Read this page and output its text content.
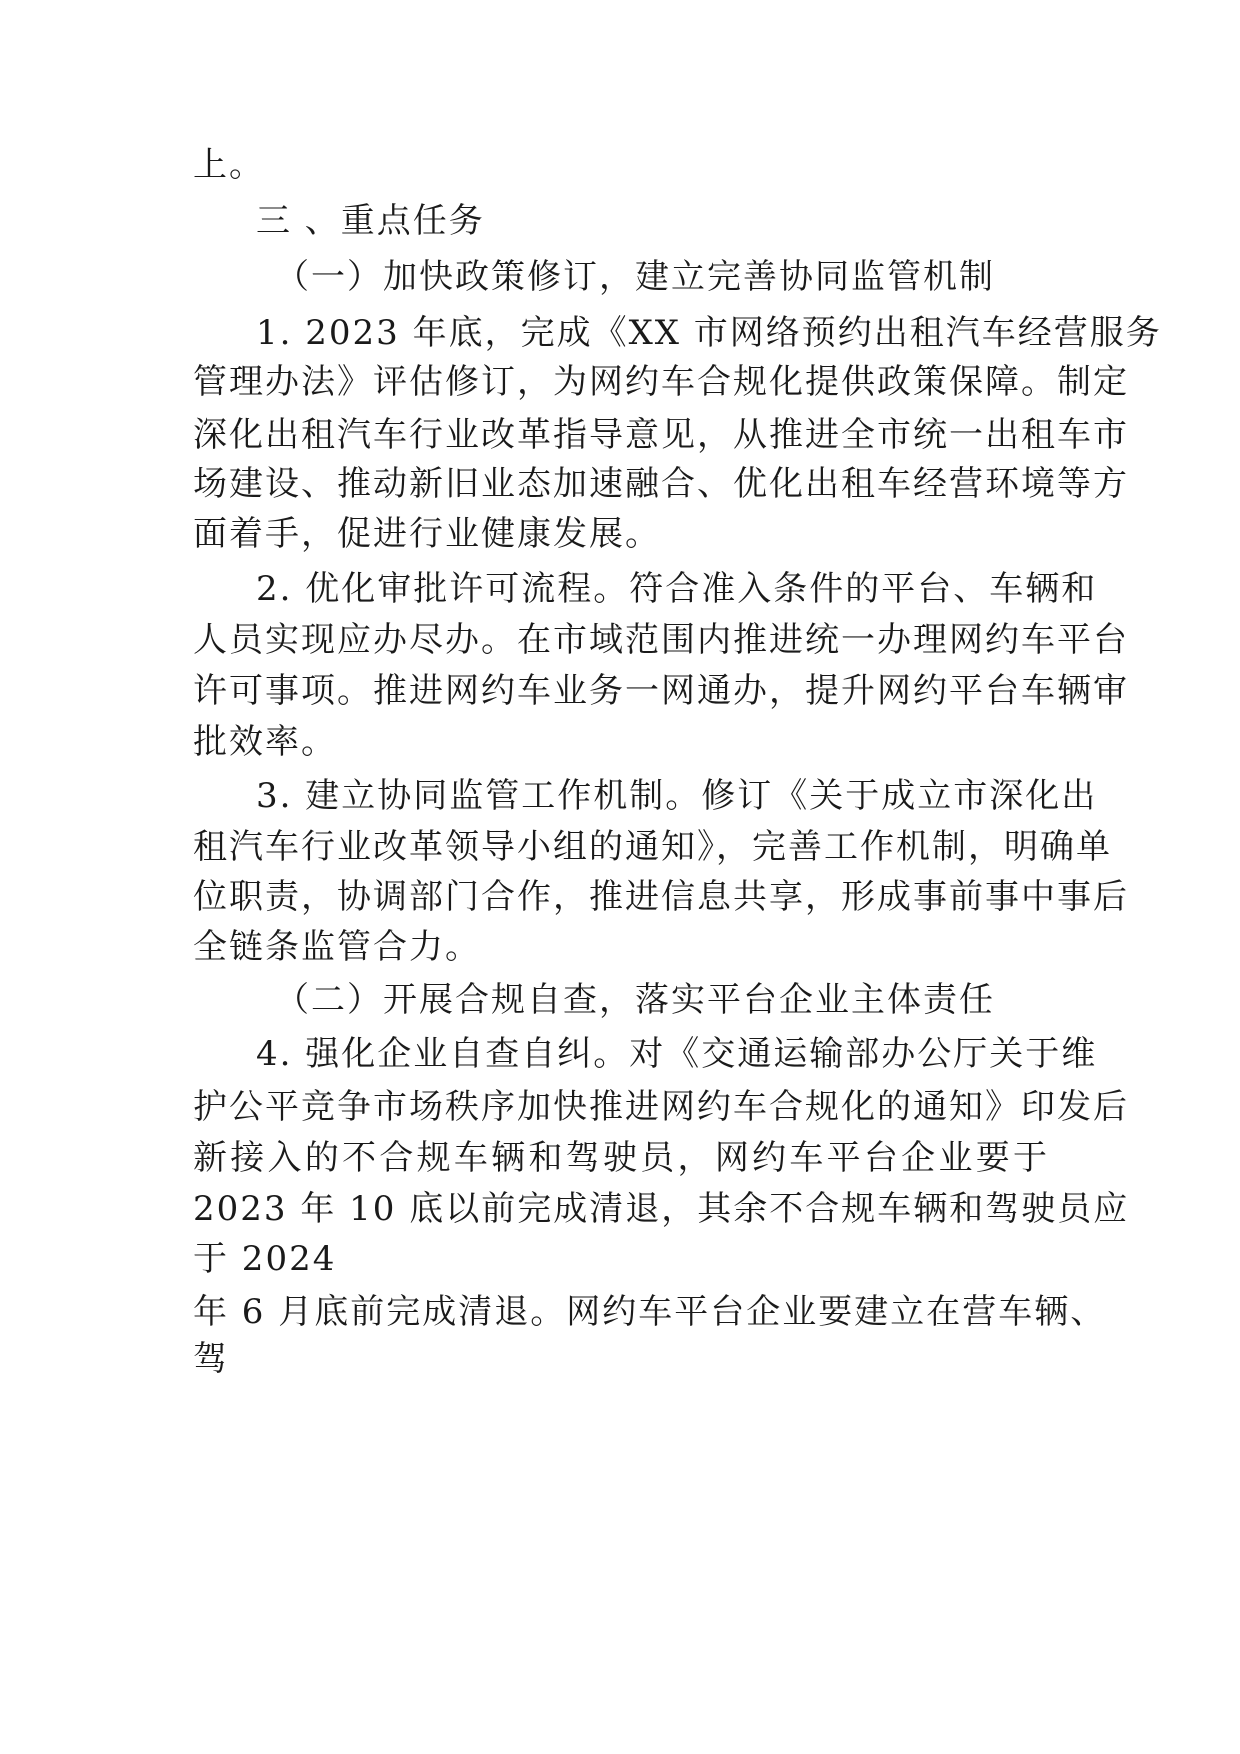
上。

三 、重点任务

（一）加快政策修订，建立完善协同监管机制

1. 2023 年底，完成《XX 市网络预约出租汽车经营服务

管理办法》评估修订，为网约车合规化提供政策保障。制定

深化出租汽车行业改革指导意见，从推进全市统一出租车市

场建设、推动新旧业态加速融合、优化出租车经营环境等方

面着手，促进行业健康发展。

2. 优化审批许可流程。符合准入条件的平台、车辆和

人员实现应办尽办。在市域范围内推进统一办理网约车平台

许可事项。推进网约车业务一网通办，提升网约平台车辆审

批效率。

3. 建立协同监管工作机制。修订《关于成立市深化出

租汽车行业改革领导小组的通知》，完善工作机制，明确单

位职责，协调部门合作，推进信息共享，形成事前事中事后

全链条监管合力。

（二）开展合规自查，落实平台企业主体责任

4. 强化企业自查自纠。对《交通运输部办公厅关于维

护公平竞争市场秩序加快推进网约车合规化的通知》印发后

新接入的不合规车辆和驾驶员，网约车平台企业要于

2023 年 10 底以前完成清退，其余不合规车辆和驾驶员应

于 2024

年 6 月底前完成清退。网约车平台企业要建立在营车辆、

驾
